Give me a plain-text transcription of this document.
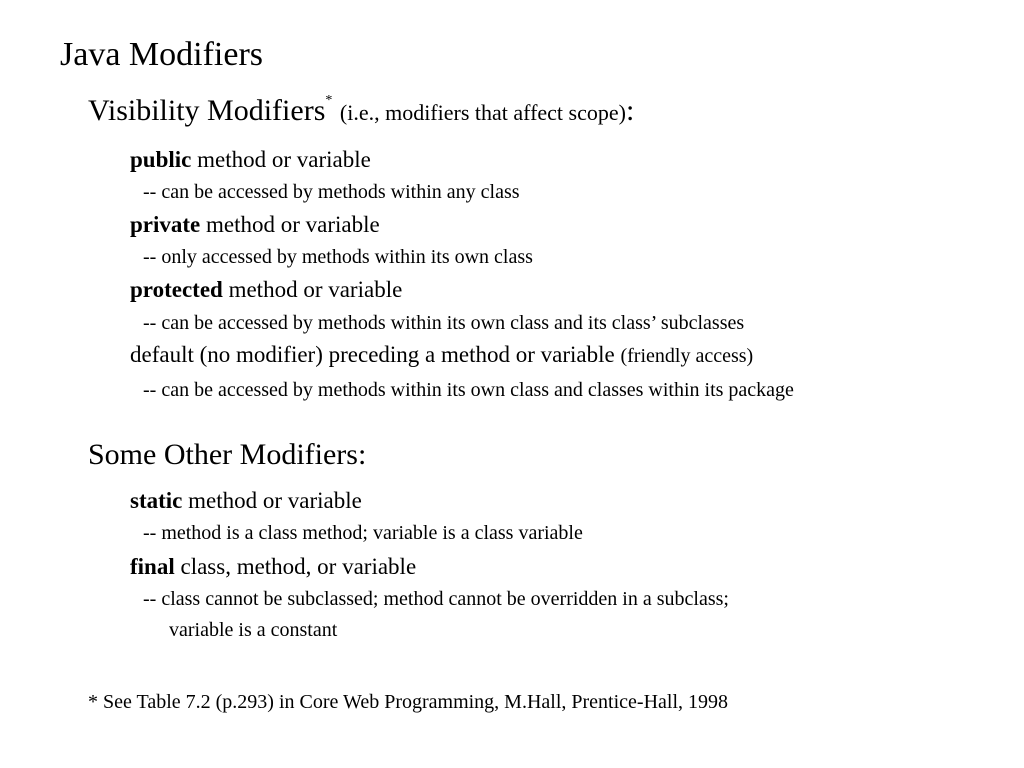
Java Modifiers
Visibility Modifiers* (i.e., modifiers that affect scope):
public method or variable
-- can be accessed by methods within any class
private method or variable
-- only accessed by methods within its own class
protected method or variable
-- can be accessed by methods within its own class and its class’ subclasses
default (no modifier) preceding a method or variable (friendly access)
-- can be accessed by methods within its own class and classes within its package
Some Other Modifiers:
static method or variable
-- method is a class method; variable is a class variable
final class, method, or variable
-- class cannot be subclassed; method cannot be overridden in a subclass;
variable is a constant
* See Table 7.2 (p.293) in Core Web Programming, M.Hall, Prentice-Hall, 1998
